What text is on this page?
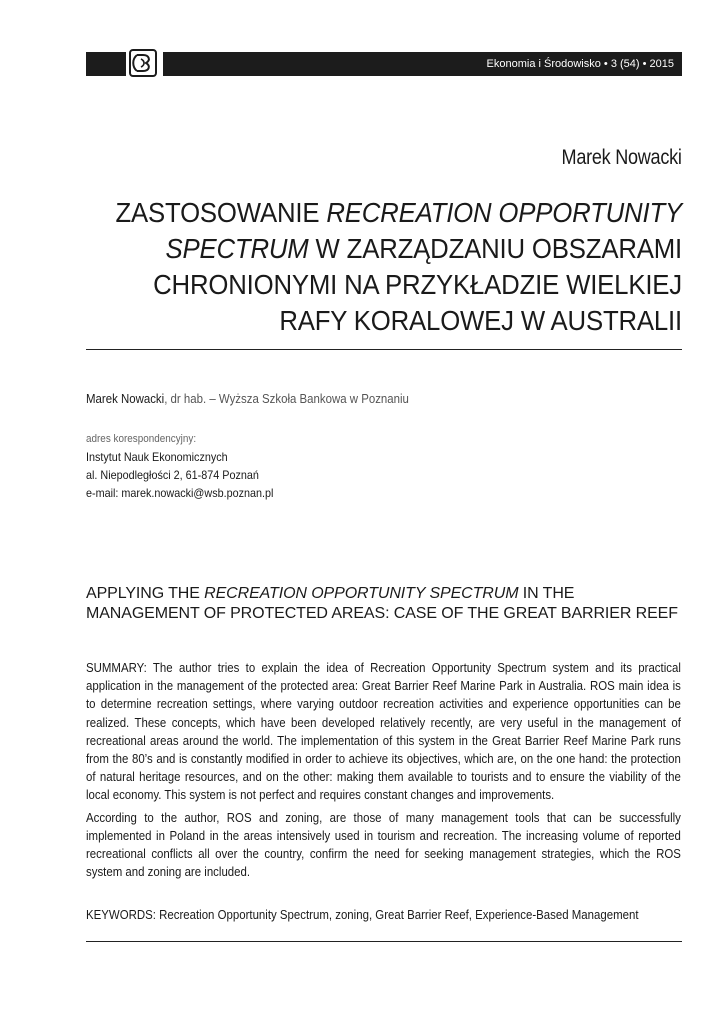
Ekonomia i Środowisko • 3 (54) • 2015
Marek Nowacki
ZASTOSOWANIE RECREATION OPPORTUNITY SPECTRUM W ZARZĄDZANIU OBSZARAMI CHRONIONYMI NA PRZYKŁADZIE WIELKIEJ RAFY KORALOWEJ W AUSTRALII
Marek Nowacki, dr hab. – Wyższa Szkoła Bankowa w Poznaniu
adres korespondencyjny:
Instytut Nauk Ekonomicznych
al. Niepodległości 2, 61-874 Poznań
e-mail: marek.nowacki@wsb.poznan.pl
APPLYING THE RECREATION OPPORTUNITY SPECTRUM IN THE MANAGEMENT OF PROTECTED AREAS: CASE OF THE GREAT BARRIER REEF

SUMMARY: The author tries to explain the idea of Recreation Opportunity Spectrum system and its practical application in the management of the protected area: Great Barrier Reef Marine Park in Australia. ROS main idea is to determine recreation settings, where varying outdoor recreation activities and experience opportunities can be realized. These concepts, which have been developed relatively recently, are very useful in the management of recreational areas around the world. The implementation of this system in the Great Barrier Reef Marine Park runs from the 80’s and is constantly modified in order to achieve its objectives, which are, on the one hand: the protection of natural heritage resources, and on the other: making them available to tourists and to ensure the viability of the local economy. This system is not perfect and requires constant changes and improvements.

According to the author, ROS and zoning, are those of many management tools that can be successfully implemented in Poland in the areas intensively used in tourism and recreation. The increasing volume of reported recreational conflicts all over the country, confirm the need for seeking management strategies, which the ROS system and zoning are included.

KEYWORDS: Recreation Opportunity Spectrum, zoning, Great Barrier Reef, Experience-Based Management
